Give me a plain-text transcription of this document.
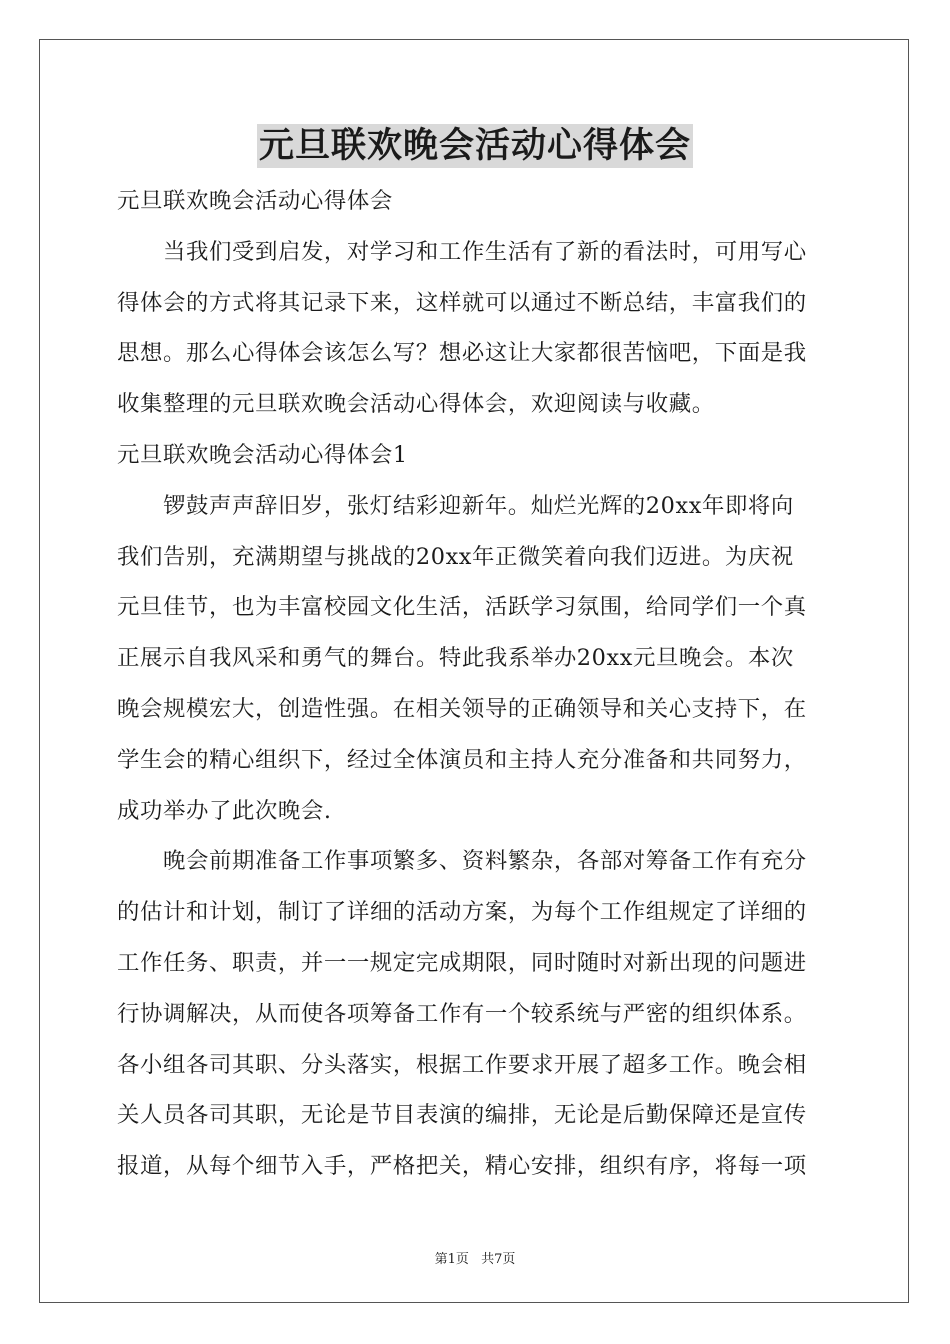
元旦联欢晚会活动心得体会
元旦联欢晚会活动心得体会
当我们受到启发，对学习和工作生活有了新的看法时，可用写心
得体会的方式将其记录下来，这样就可以通过不断总结，丰富我们的
思想。那么心得体会该怎么写？想必这让大家都很苦恼吧，下面是我
收集整理的元旦联欢晚会活动心得体会，欢迎阅读与收藏。
元旦联欢晚会活动心得体会1
锣鼓声声辞旧岁，张灯结彩迎新年。灿烂光辉的20xx年即将向
我们告别，充满期望与挑战的20xx年正微笑着向我们迈进。为庆祝
元旦佳节，也为丰富校园文化生活，活跃学习氛围，给同学们一个真
正展示自我风采和勇气的舞台。特此我系举办20xx元旦晚会。本次
晚会规模宏大，创造性强。在相关领导的正确领导和关心支持下，在
学生会的精心组织下，经过全体演员和主持人充分准备和共同努力，
成功举办了此次晚会.
晚会前期准备工作事项繁多、资料繁杂，各部对筹备工作有充分
的估计和计划，制订了详细的活动方案，为每个工作组规定了详细的
工作任务、职责，并一一规定完成期限，同时随时对新出现的问题进
行协调解决，从而使各项筹备工作有一个较系统与严密的组织体系。
各小组各司其职、分头落实，根据工作要求开展了超多工作。晚会相
关人员各司其职，无论是节目表演的编排，无论是后勤保障还是宣传
报道，从每个细节入手，严格把关，精心安排，组织有序，将每一项
第1页 共7页
